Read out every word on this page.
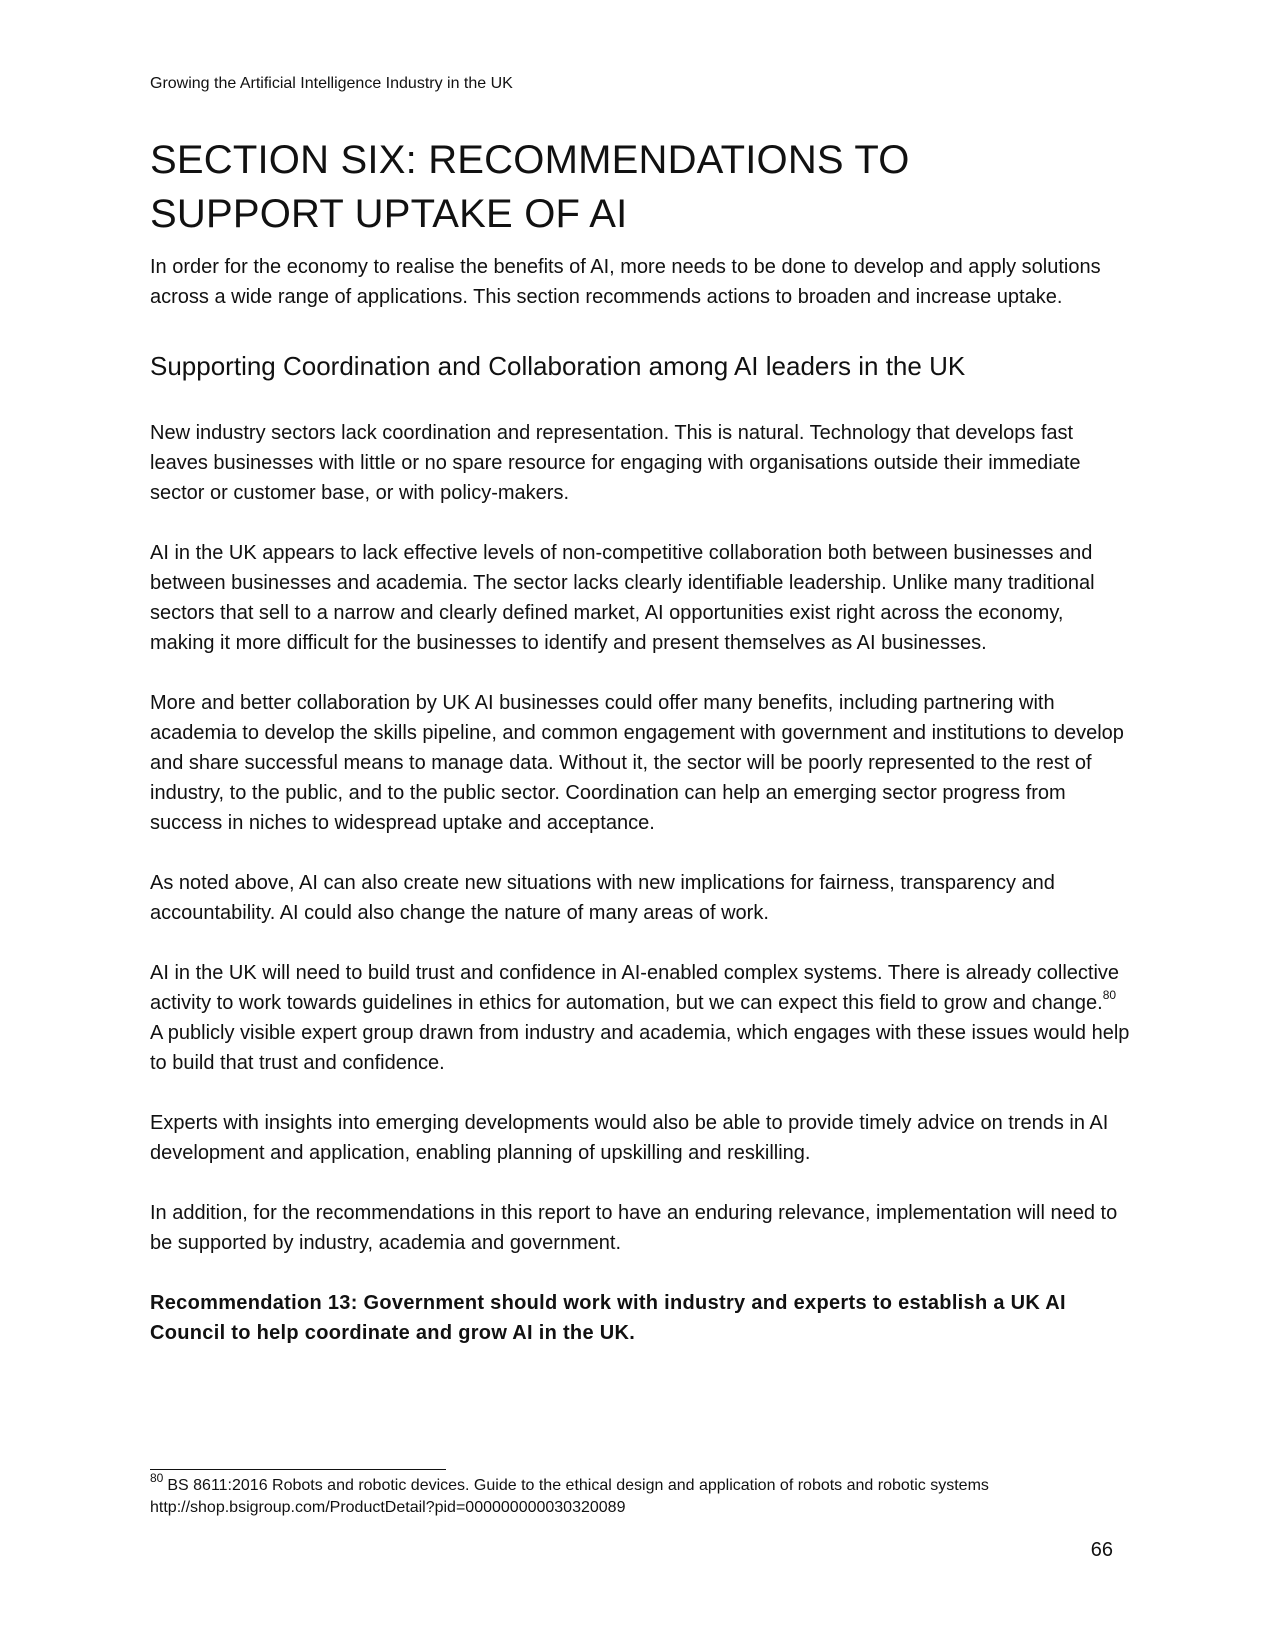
Growing the Artificial Intelligence Industry in the UK
SECTION SIX: RECOMMENDATIONS TO
SUPPORT UPTAKE OF AI

In order for the economy to realise the benefits of AI, more needs to be done to develop and apply solutions across a wide range of applications. This section recommends actions to broaden and increase uptake.

Supporting Coordination and Collaboration among AI leaders in the UK

New industry sectors lack coordination and representation. This is natural. Technology that develops fast leaves businesses with little or no spare resource for engaging with organisations outside their immediate sector or customer base, or with policy-makers.

AI in the UK appears to lack effective levels of non-competitive collaboration both between businesses and between businesses and academia. The sector lacks clearly identifiable leadership. Unlike many traditional sectors that sell to a narrow and clearly defined market, AI opportunities exist right across the economy, making it more difficult for the businesses to identify and present themselves as AI businesses.

More and better collaboration by UK AI businesses could offer many benefits, including partnering with academia to develop the skills pipeline, and common engagement with government and institutions to develop and share successful means to manage data. Without it, the sector will be poorly represented to the rest of industry, to the public, and to the public sector. Coordination can help an emerging sector progress from success in niches to widespread uptake and acceptance.

As noted above, AI can also create new situations with new implications for fairness, transparency and accountability. AI could also change the nature of many areas of work.

AI in the UK will need to build trust and confidence in AI-enabled complex systems. There is already collective activity to work towards guidelines in ethics for automation, but we can expect this field to grow and change.$^{80}$ A publicly visible expert group drawn from industry and academia, which engages with these issues would help to build that trust and confidence.

Experts with insights into emerging developments would also be able to provide timely advice on trends in AI development and application, enabling planning of upskilling and reskilling.

In addition, for the recommendations in this report to have an enduring relevance, implementation will need to be supported by industry, academia and government.

Recommendation 13: Government should work with industry and experts to establish a UK AI Council to help coordinate and grow AI in the UK.

$^{80}$ BS 8611:2016 Robots and robotic devices. Guide to the ethical design and application of robots and robotic systems http://shop.bsigroup.com/ProductDetail?pid=000000000030320089
66
